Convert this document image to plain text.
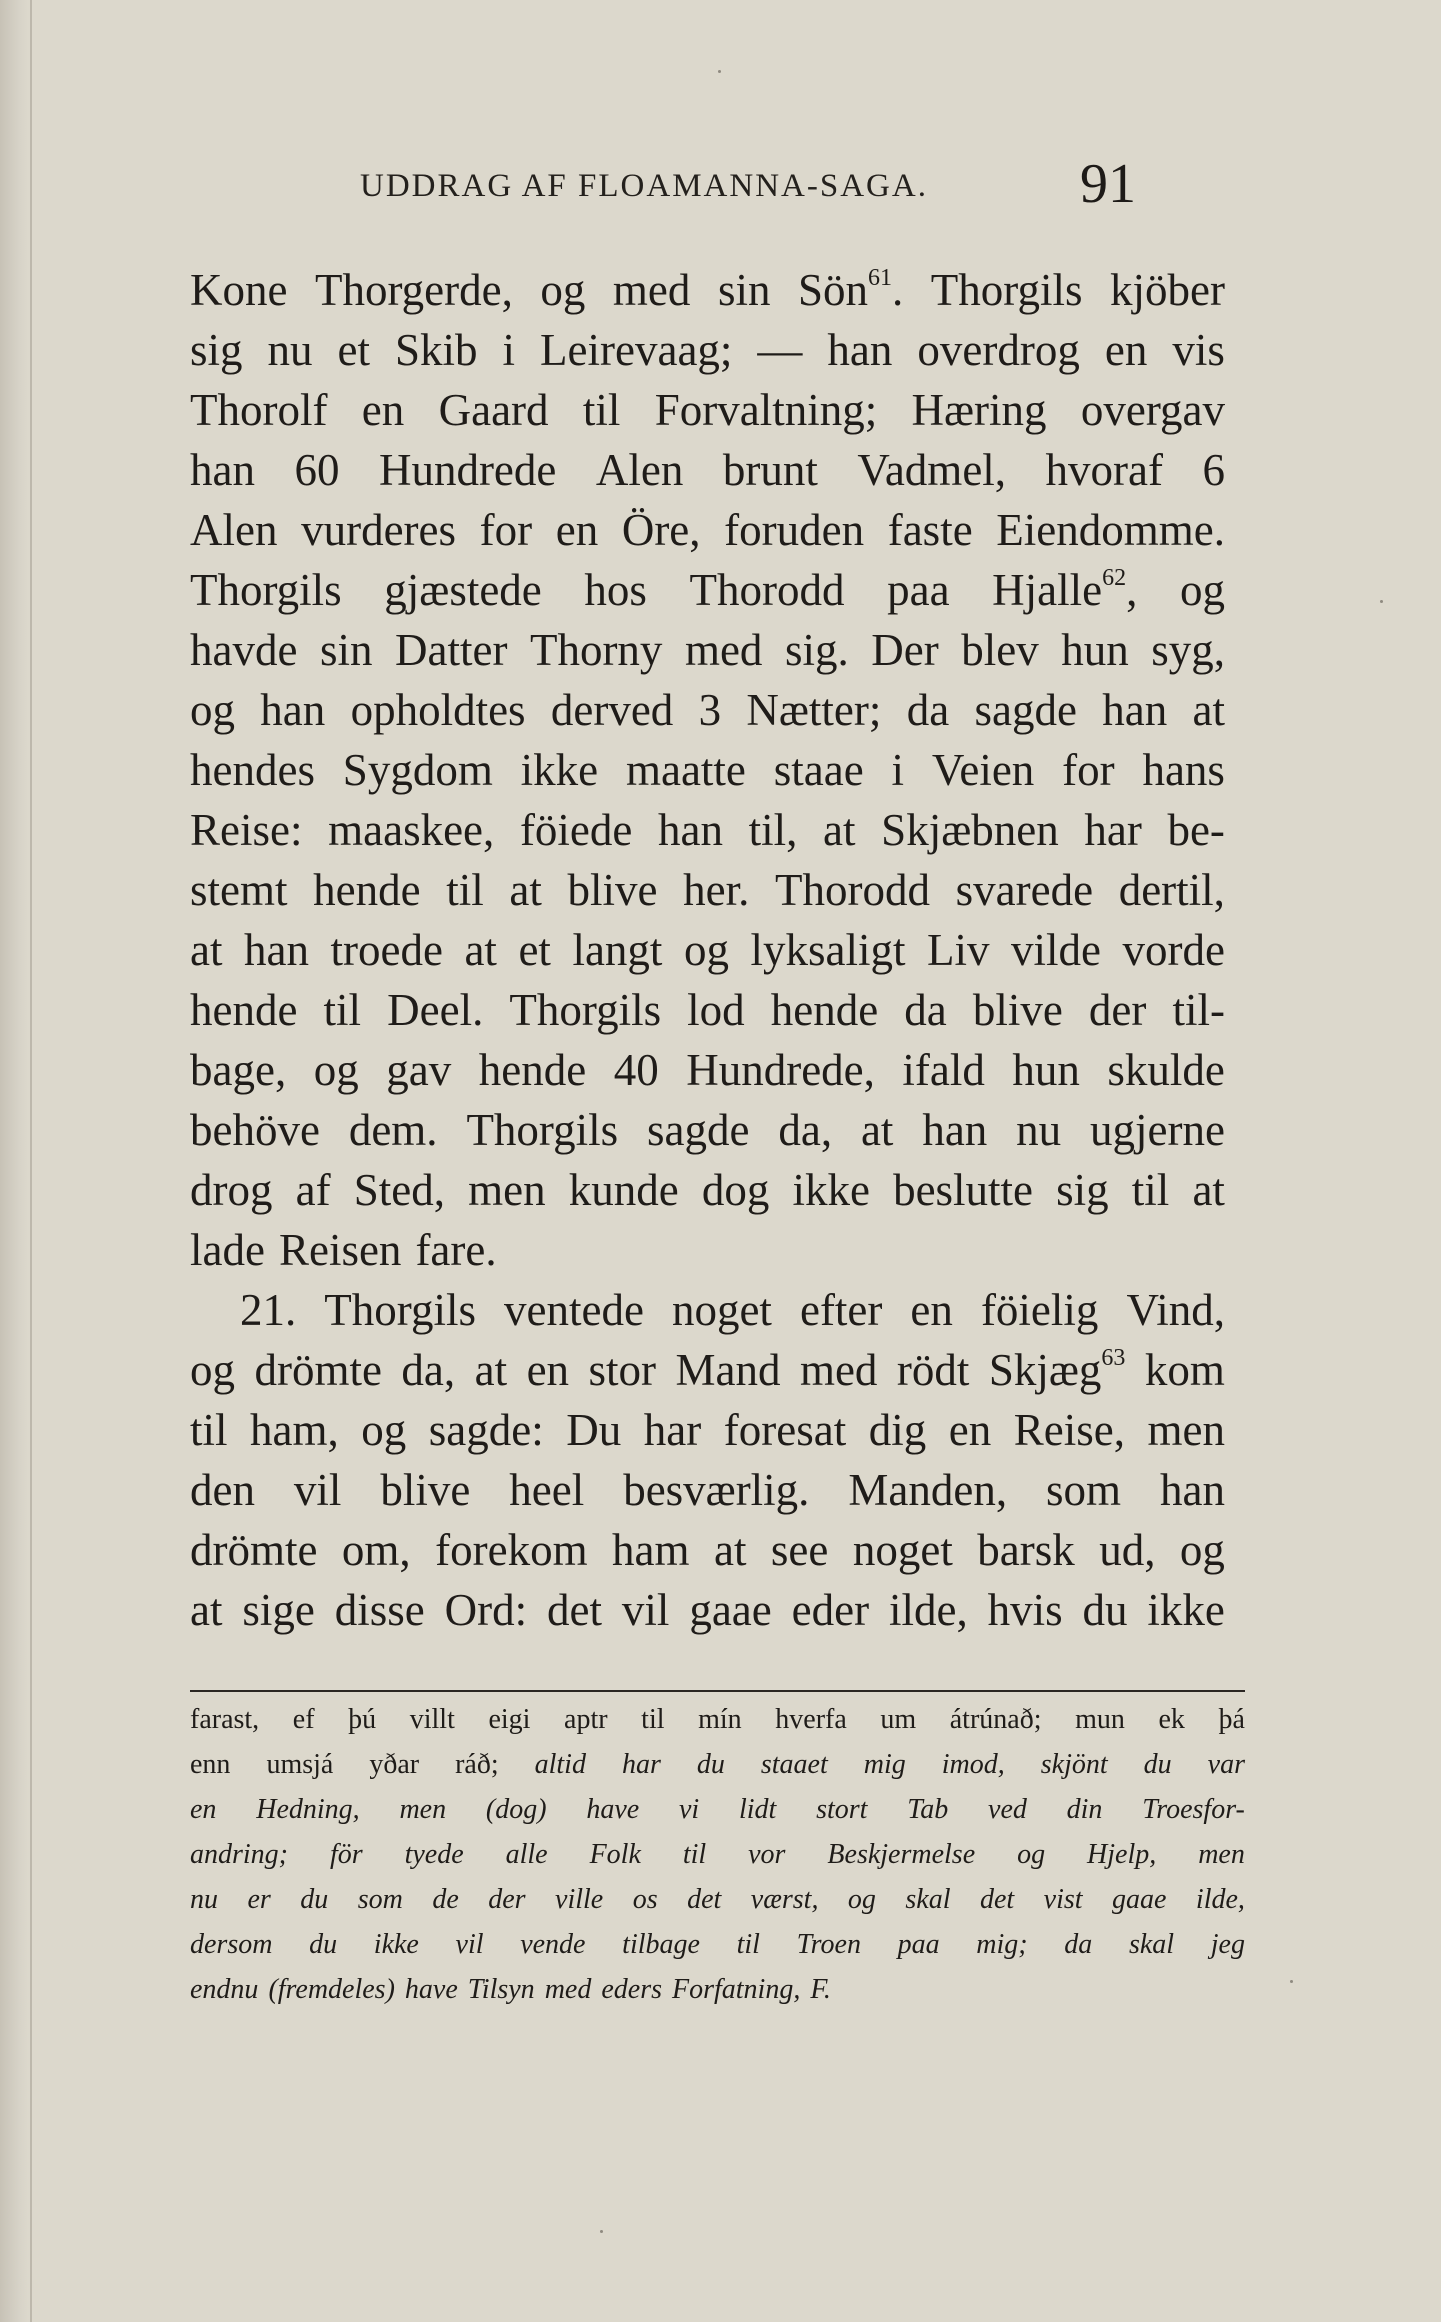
UDDRAG AF FLOAMANNA-SAGA.	91
Kone Thorgerde, og med sin Sön$^{61}$. Thorgils kjöber
sig nu et Skib i Leirevaag; — han overdrog en vis
Thorolf en Gaard til Forvaltning; Hæring overgav
han 60 Hundrede Alen brunt Vadmel, hvoraf 6
Alen vurderes for en Öre, foruden faste Eiendomme.
Thorgils gjæstede hos Thorodd paa Hjalle$^{62}$, og
havde sin Datter Thorny med sig. Der blev hun syg,
og han opholdtes derved 3 Nætter; da sagde han at
hendes Sygdom ikke maatte staae i Veien for hans
Reise: maaskee, föiede han til, at Skjæbnen har be-
stemt hende til at blive her. Thorodd svarede dertil,
at han troede at et langt og lyksaligt Liv vilde vorde
hende til Deel. Thorgils lod hende da blive der til-
bage, og gav hende 40 Hundrede, ifald hun skulde
behöve dem. Thorgils sagde da, at han nu ugjerne
drog af Sted, men kunde dog ikke beslutte sig til at
lade Reisen fare.
21. Thorgils ventede noget efter en föielig Vind,
og drömte da, at en stor Mand med rödt Skjæg$^{63}$ kom
til ham, og sagde: Du har foresat dig en Reise, men
den vil blive heel besværlig. Manden, som han
drömte om, forekom ham at see noget barsk ud, og
at sige disse Ord: det vil gaae eder ilde, hvis du ikke
farast, ef þú villt eigi aptr til mín hverfa um átrúnað; mun ek þá
enn umsjá yðar ráð; altid har du staaet mig imod, skjönt du var
en Hedning, men (dog) have vi lidt stort Tab ved din Troesfor-
andring; för tyede alle Folk til vor Beskjermelse og Hjelp, men
nu er du som de der ville os det værst, og skal det vist gaae ilde,
dersom du ikke vil vende tilbage til Troen paa mig; da skal jeg
endnu (fremdeles) have Tilsyn med eders Forfatning, F.
